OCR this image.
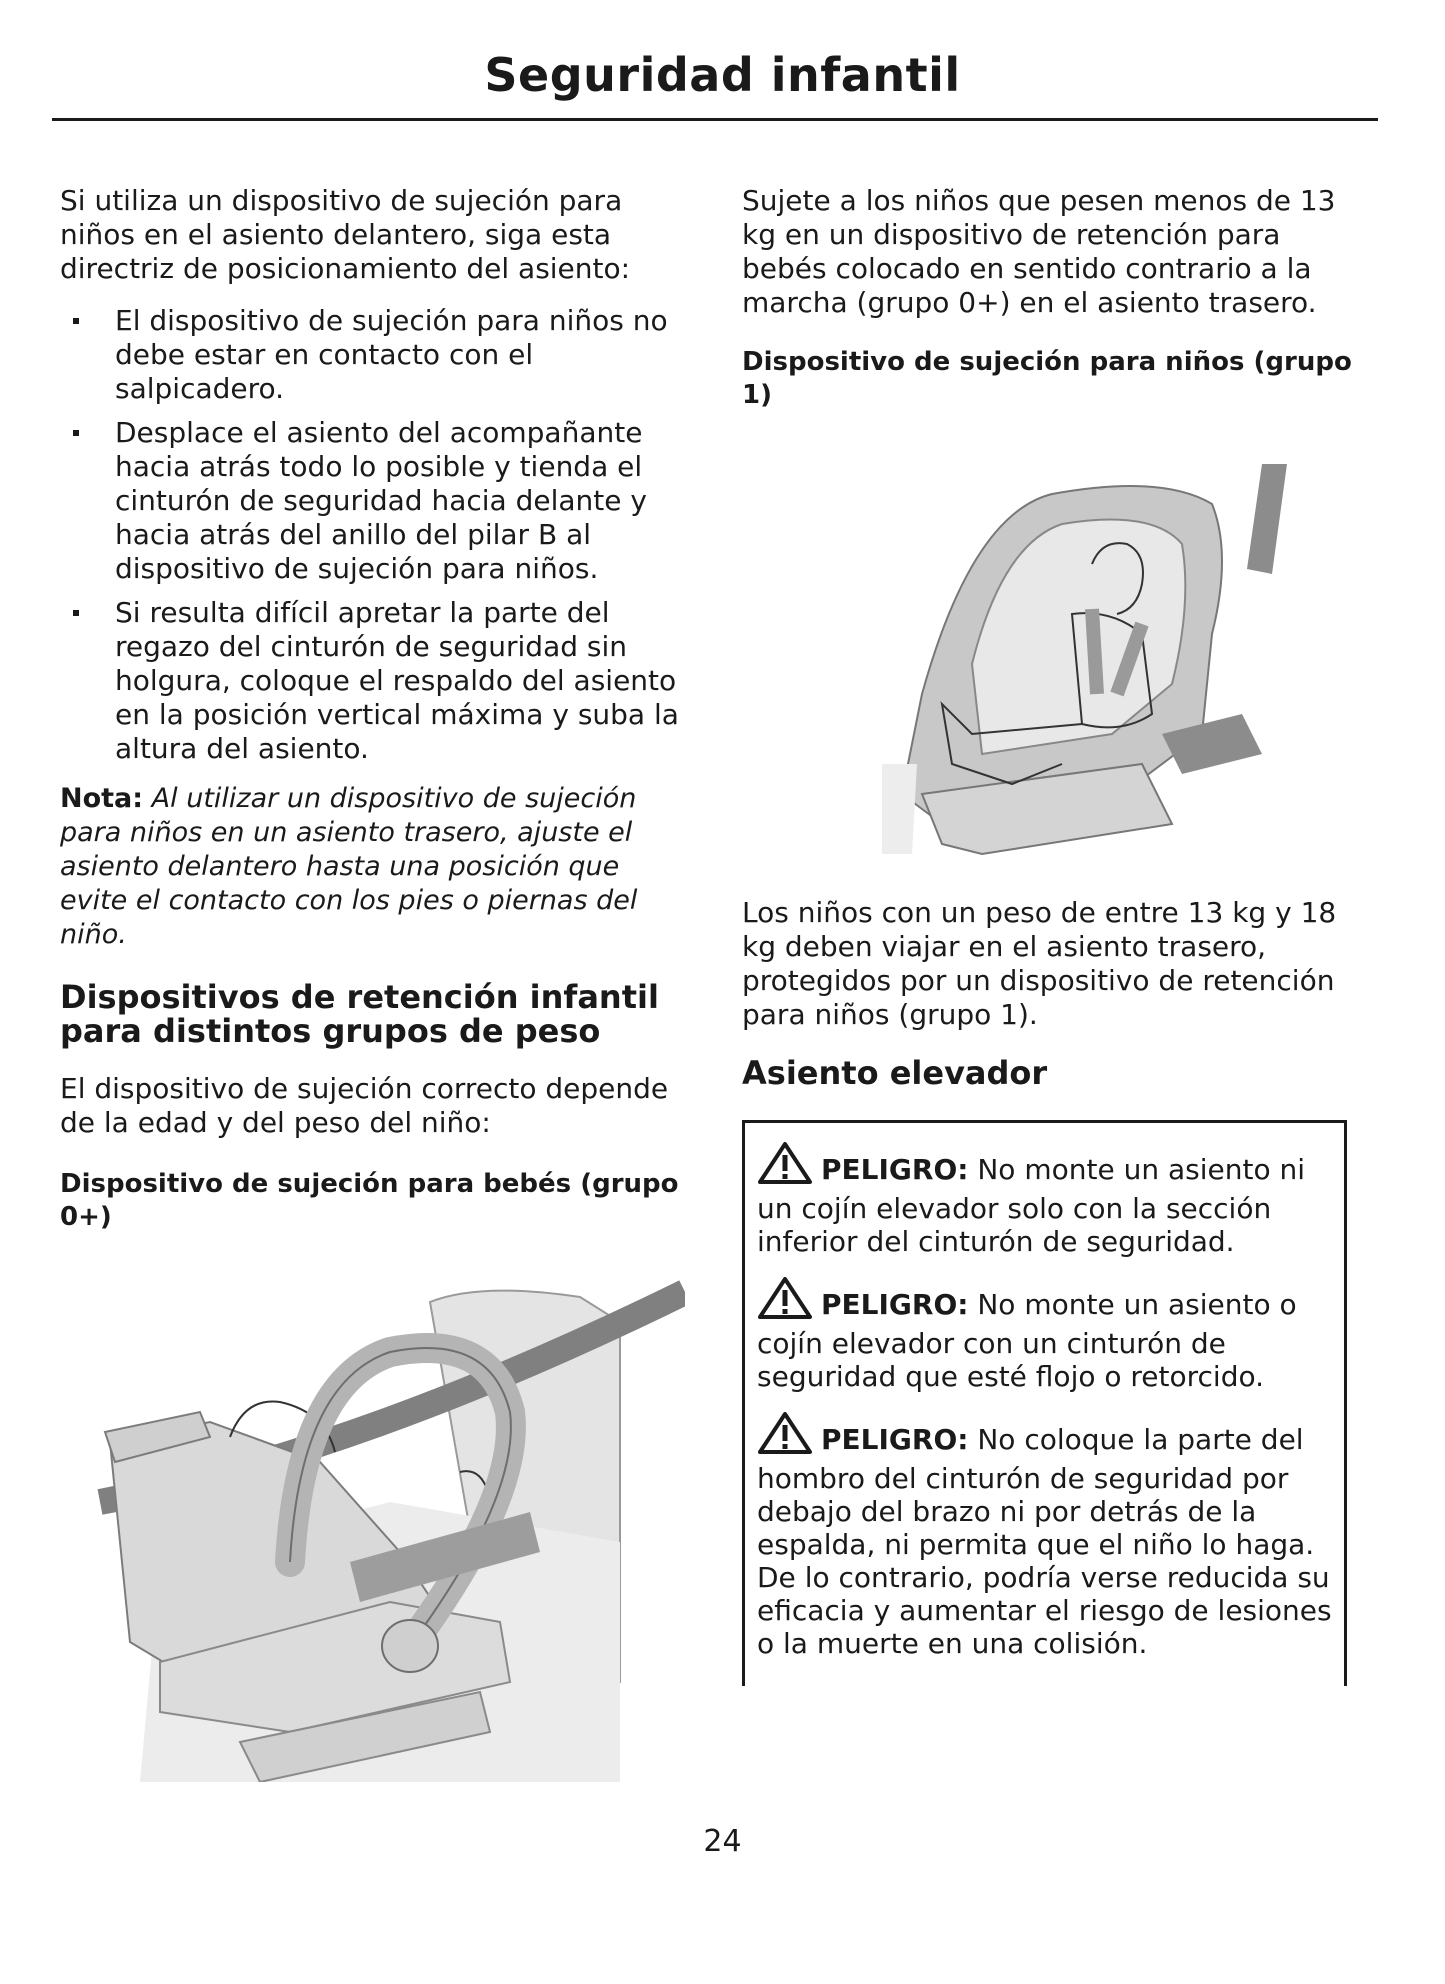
Seguridad infantil

Si utiliza un dispositivo de sujeción para niños en el asiento delantero, siga esta directriz de posicionamiento del asiento:

El dispositivo de sujeción para niños no debe estar en contacto con el salpicadero.
Desplace el asiento del acompañante hacia atrás todo lo posible y tienda el cinturón de seguridad hacia delante y hacia atrás del anillo del pilar B al dispositivo de sujeción para niños.
Si resulta difícil apretar la parte del regazo del cinturón de seguridad sin holgura, coloque el respaldo del asiento en la posición vertical máxima y suba la altura del asiento.

Nota: Al utilizar un dispositivo de sujeción para niños en un asiento trasero, ajuste el asiento delantero hasta una posición que evite el contacto con los pies o piernas del niño.

Dispositivos de retención infantil para distintos grupos de peso

El dispositivo de sujeción correcto depende de la edad y del peso del niño:

Dispositivo de sujeción para bebés (grupo 0+)

Sujete a los niños que pesen menos de 13 kg en un dispositivo de retención para bebés colocado en sentido contrario a la marcha (grupo 0+) en el asiento trasero.

Dispositivo de sujeción para niños (grupo 1)

Los niños con un peso de entre 13 kg y 18 kg deben viajar en el asiento trasero, protegidos por un dispositivo de retención para niños (grupo 1).

Asiento elevador

PELIGRO: No monte un asiento ni un cojín elevador solo con la sección inferior del cinturón de seguridad.

PELIGRO: No monte un asiento o cojín elevador con un cinturón de seguridad que esté flojo o retorcido.

PELIGRO: No coloque la parte del hombro del cinturón de seguridad por debajo del brazo ni por detrás de la espalda, ni permita que el niño lo haga. De lo contrario, podría verse reducida su eficacia y aumentar el riesgo de lesiones o la muerte en una colisión.

24
